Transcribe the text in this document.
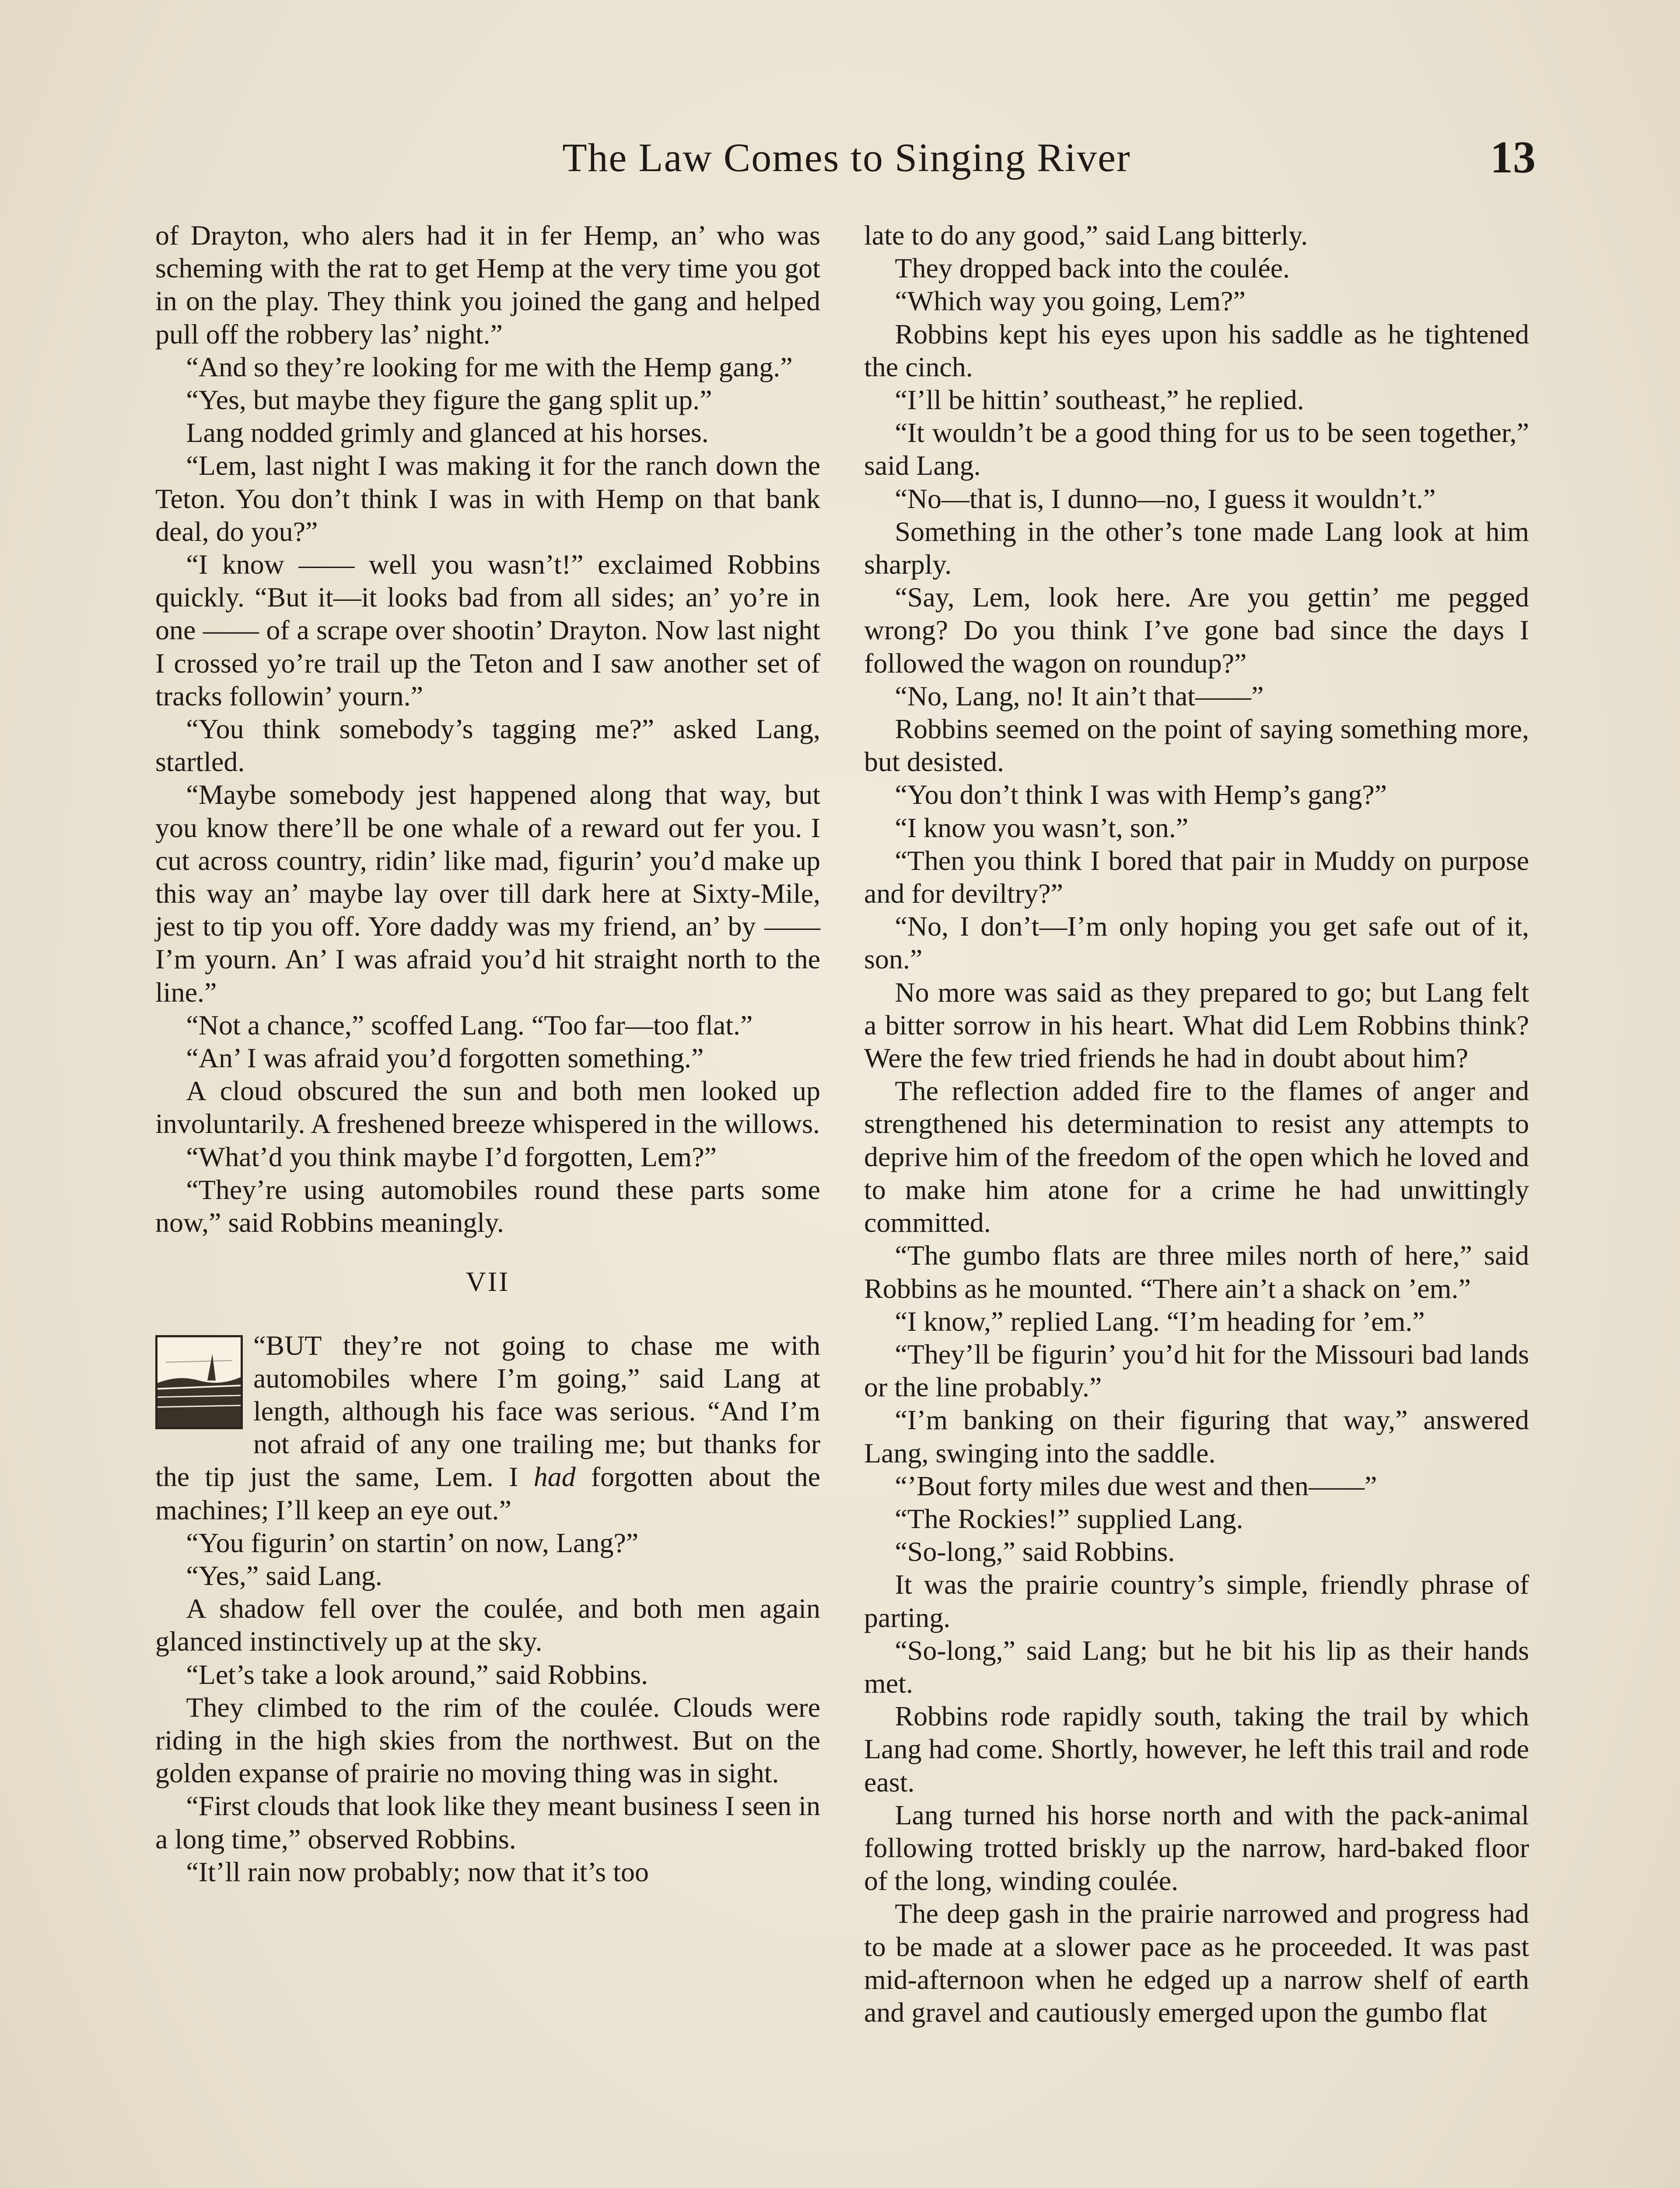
The Law Comes to Singing River	13

of Drayton, who alers had it in fer Hemp, an’ who was scheming with the rat to get Hemp at the very time you got in on the play. They think you joined the gang and helped pull off the robbery las’ night.”

“And so they’re looking for me with the Hemp gang.”

“Yes, but maybe they figure the gang split up.”

Lang nodded grimly and glanced at his horses.

“Lem, last night I was making it for the ranch down the Teton. You don’t think I was in with Hemp on that bank deal, do you?”

“I know —— well you wasn’t!” exclaimed Robbins quickly. “But it—it looks bad from all sides; an’ yo’re in one —— of a scrape over shootin’ Drayton. Now last night I crossed yo’re trail up the Teton and I saw another set of tracks followin’ yourn.”

“You think somebody’s tagging me?” asked Lang, startled.

“Maybe somebody jest happened along that way, but you know there’ll be one whale of a reward out fer you. I cut across country, ridin’ like mad, figurin’ you’d make up this way an’ maybe lay over till dark here at Sixty-Mile, jest to tip you off. Yore daddy was my friend, an’ by —— I’m yourn. An’ I was afraid you’d hit straight north to the line.”

“Not a chance,” scoffed Lang. “Too far—too flat.”

“An’ I was afraid you’d forgotten something.”

A cloud obscured the sun and both men looked up involuntarily. A freshened breeze whispered in the willows.

“What’d you think maybe I’d forgotten, Lem?”

“They’re using automobiles round these parts some now,” said Robbins meaningly.

VII

“BUT they’re not going to chase me with automobiles where I’m going,” said Lang at length, although his face was serious. “And I’m not afraid of any one trailing me; but thanks for the tip just the same, Lem. I had forgotten about the machines; I’ll keep an eye out.”

“You figurin’ on startin’ on now, Lang?”

“Yes,” said Lang.

A shadow fell over the coulée, and both men again glanced instinctively up at the sky.

“Let’s take a look around,” said Robbins.

They climbed to the rim of the coulée. Clouds were riding in the high skies from the northwest. But on the golden expanse of prairie no moving thing was in sight.

“First clouds that look like they meant business I seen in a long time,” observed Robbins.

“It’ll rain now probably; now that it’s too

late to do any good,” said Lang bitterly.

They dropped back into the coulée.

“Which way you going, Lem?”

Robbins kept his eyes upon his saddle as he tightened the cinch.

“I’ll be hittin’ southeast,” he replied.

“It wouldn’t be a good thing for us to be seen together,” said Lang.

“No—that is, I dunno—no, I guess it wouldn’t.”

Something in the other’s tone made Lang look at him sharply.

“Say, Lem, look here. Are you gettin’ me pegged wrong? Do you think I’ve gone bad since the days I followed the wagon on roundup?”

“No, Lang, no! It ain’t that——”

Robbins seemed on the point of saying something more, but desisted.

“You don’t think I was with Hemp’s gang?”

“I know you wasn’t, son.”

“Then you think I bored that pair in Muddy on purpose and for deviltry?”

“No, I don’t—I’m only hoping you get safe out of it, son.”

No more was said as they prepared to go; but Lang felt a bitter sorrow in his heart. What did Lem Robbins think? Were the few tried friends he had in doubt about him?

The reflection added fire to the flames of anger and strengthened his determination to resist any attempts to deprive him of the freedom of the open which he loved and to make him atone for a crime he had unwittingly committed.

“The gumbo flats are three miles north of here,” said Robbins as he mounted. “There ain’t a shack on ’em.”

“I know,” replied Lang. “I’m heading for ’em.”

“They’ll be figurin’ you’d hit for the Missouri bad lands or the line probably.”

“I’m banking on their figuring that way,” answered Lang, swinging into the saddle.

“’Bout forty miles due west and then——”

“The Rockies!” supplied Lang.

“So-long,” said Robbins.

It was the prairie country’s simple, friendly phrase of parting.

“So-long,” said Lang; but he bit his lip as their hands met.

Robbins rode rapidly south, taking the trail by which Lang had come. Shortly, however, he left this trail and rode east.

Lang turned his horse north and with the pack-animal following trotted briskly up the narrow, hard-baked floor of the long, winding coulée.

The deep gash in the prairie narrowed and progress had to be made at a slower pace as he proceeded. It was past mid-afternoon when he edged up a narrow shelf of earth and gravel and cautiously emerged upon the gumbo flat
